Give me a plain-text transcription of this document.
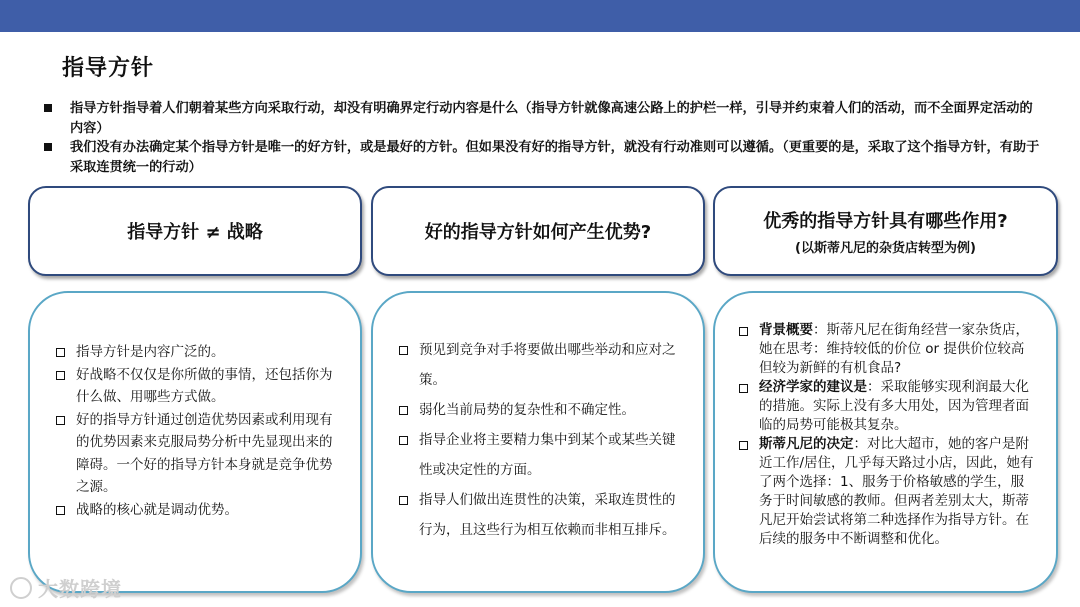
指导方针
指导方针指导着人们朝着某些方向采取行动，却没有明确界定行动内容是什么（指导方针就像高速公路上的护栏一样，引导并约束着人们的活动，而不全面界定活动的内容）
我们没有办法确定某个指导方针是唯一的好方针，或是最好的方针。但如果没有好的指导方针，就没有行动准则可以遵循。（更重要的是，采取了这个指导方针，有助于采取连贯统一的行动）
指导方针 ≠ 战略	好的指导方针如何产生优势?
优秀的指导方针具有哪些作用?
(以斯蒂凡尼的杂货店转型为例)
指导方针是内容广泛的。
好战略不仅仅是你所做的事情，还包括你为什么做、用哪些方式做。
好的指导方针通过创造优势因素或利用现有的优势因素来克服局势分析中先显现出来的障碍。一个好的指导方针本身就是竞争优势之源。
战略的核心就是调动优势。
预见到竞争对手将要做出哪些举动和应对之策。
弱化当前局势的复杂性和不确定性。
指导企业将主要精力集中到某个或某些关键性或决定性的方面。
指导人们做出连贯性的决策，采取连贯性的行为，且这些行为相互依赖而非相互排斥。
背景概要：斯蒂凡尼在街角经营一家杂货店，她在思考：维持较低的价位 or 提供价位较高但较为新鲜的有机食品?
经济学家的建议是：采取能够实现利润最大化的措施。实际上没有多大用处，因为管理者面临的局势可能极其复杂。
斯蒂凡尼的决定：对比大超市，她的客户是附近工作/居住，几乎每天路过小店，因此，她有了两个选择：1、服务于价格敏感的学生，服务于时间敏感的教师。但两者差别太大，斯蒂凡尼开始尝试将第二种选择作为指导方针。在后续的服务中不断调整和优化。
大数跨境
